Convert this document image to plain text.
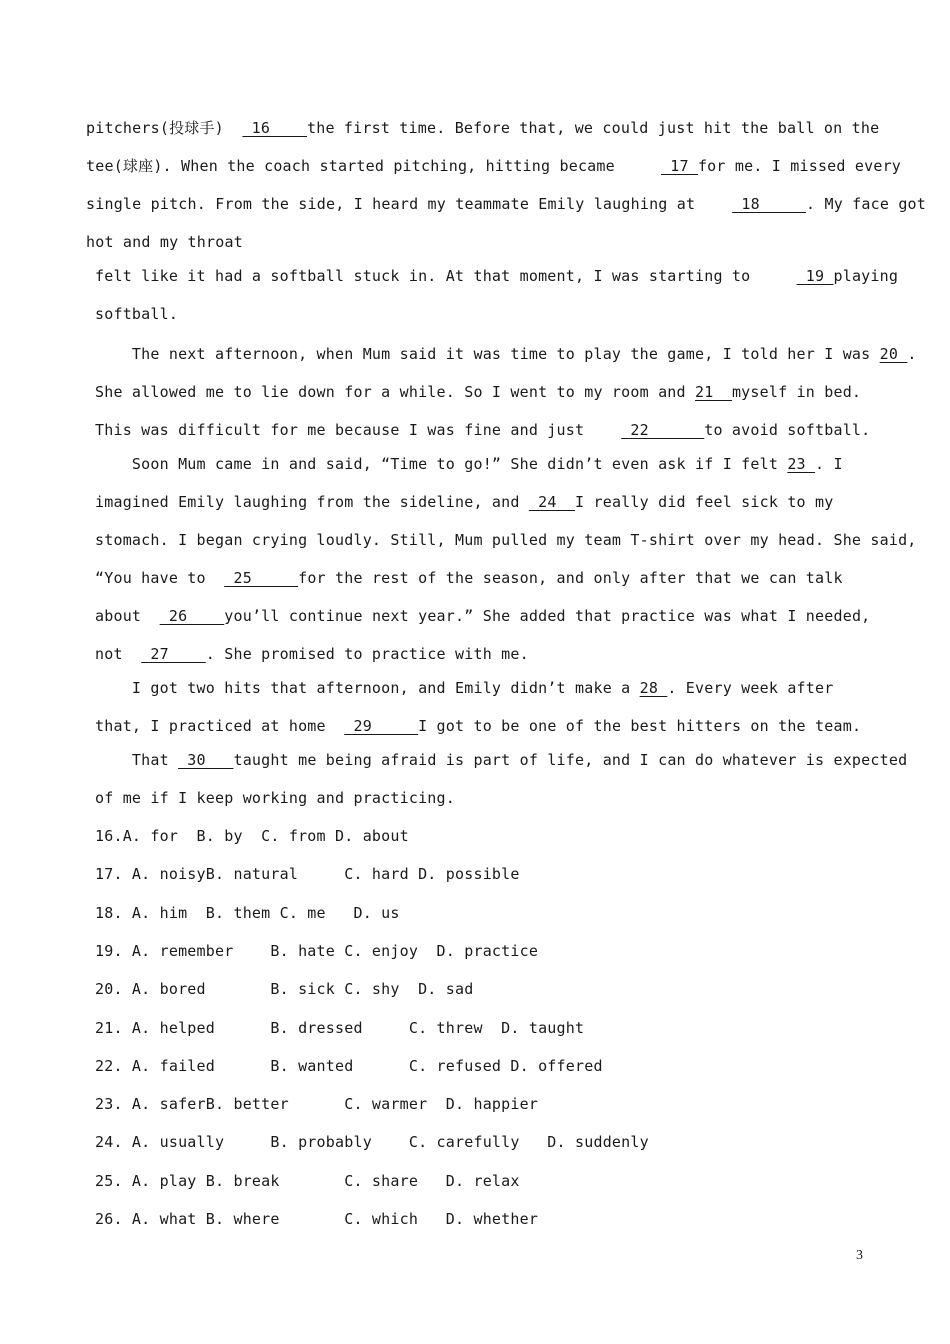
pitchers(投球手)   16    the first time. Before that, we could just hit the ball on the
tee(球座). When the coach started pitching, hitting became      17 for me. I missed every
single pitch. From the side, I heard my teammate Emily laughing at     18     . My face got
hot and my throat
felt like it had a softball stuck in. At that moment, I was starting to      19 playing
softball.
The next afternoon, when Mum said it was time to play the game, I told her I was 20 .
She allowed me to lie down for a while. So I went to my room and 21  myself in bed.
This was difficult for me because I was fine and just     22      to avoid softball.
Soon Mum came in and said, “Time to go!” She didn’t even ask if I felt 23 . I
imagined Emily laughing from the sideline, and  24  I really did feel sick to my
stomach. I began crying loudly. Still, Mum pulled my team T-shirt over my head. She said,
“You have to   25     for the rest of the season, and only after that we can talk
about   26    you’ll continue next year.” She added that practice was what I needed,
not   27    . She promised to practice with me.
I got two hits that afternoon, and Emily didn’t make a 28 . Every week after
that, I practiced at home   29     I got to be one of the best hitters on the team.
That  30   taught me being afraid is part of life, and I can do whatever is expected
of me if I keep working and practicing.
16.A. for  B. by  C. from D. about
17. A. noisyB. natural     C. hard D. possible
18. A. him  B. them C. me   D. us
19. A. remember    B. hate C. enjoy  D. practice
20. A. bored       B. sick C. shy  D. sad
21. A. helped      B. dressed     C. threw  D. taught
22. A. failed      B. wanted      C. refused D. offered
23. A. saferB. better      C. warmer  D. happier
24. A. usually     B. probably    C. carefully   D. suddenly
25. A. play B. break       C. share   D. relax
26. A. what B. where       C. which   D. whether
3
